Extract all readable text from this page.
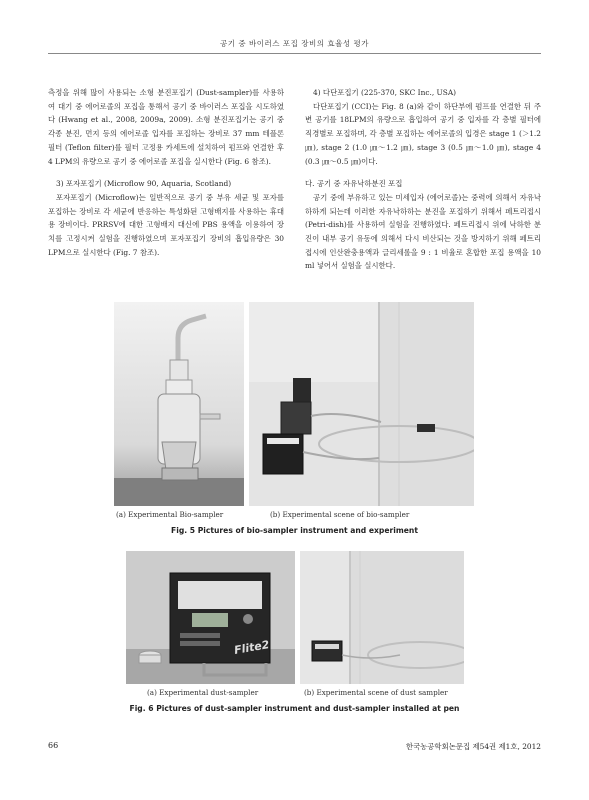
공기 중 바이러스 포집 장비의 효율성 평가

측정을 위해 많이 사용되는 소형 분진포집기 (Dust-sampler)를 사용하여 대기 중 에어로졸의 포집을 통해서 공기 중 바이러스 포집을 시도하였다 (Hwang et al., 2008, 2009a, 2009). 소형 분진포집기는 공기 중 각종 분진, 먼지 등의 에어로졸 입자를 포집하는 장비로 37 mm 테플론 필터 (Teflon filter)를 필터 고정용 카세트에 설치하여 펌프와 연결한 후 4 LPM의 유량으로 공기 중 에어로졸 포집을 실시한다 (Fig. 6 참조).

3) 포자포집기 (Microflow 90, Aquaria, Scotland)

포자포집기 (Microflow)는 일반적으로 공기 중 부유 세균 및 포자를 포집하는 장비로 각 세균에 반응하는 특성화된 고형배지를 사용하는 휴대용 장비이다. PRRSV에 대한 고형배지 대신에 PBS 용액을 이용하여 장치를 고정시켜 실험을 진행하였으며 포자포집기 장비의 흡입유량은 30 LPM으로 실시한다 (Fig. 7 참조).

4) 다단포집기 (225-370, SKC Inc., USA)

다단포집기 (CCI)는 Fig. 8 (a)와 같이 하단부에 펌프를 연결한 뒤 주변 공기를 18LPM의 유량으로 흡입하여 공기 중 입자를 각 층별 필터에 직경별로 포집하며, 각 층별 포집하는 에어로졸의 입경은 stage 1 (＞1.2 ㎛), stage 2 (1.0 ㎛～1.2 ㎛), stage 3 (0.5 ㎛～1.0 ㎛), stage 4 (0.3 ㎛～0.5 ㎛)이다.

다. 공기 중 자유낙하분진 포집

공기 중에 부유하고 있는 미세입자 (에어로졸)는 중력에 의해서 자유낙하하게 되는데 이러한 자유낙하하는 분진을 포집하기 위해서 페트리접시 (Petri-dish)를 사용하여 실험을 진행하였다. 페트리접시 위에 낙하한 분진이 내부 공기 유동에 의해서 다시 비산되는 것을 방지하기 위해 페트리접시에 인산완충용액과 글리세롤을 9 : 1 비율로 혼합한 포집 용액을 10 ml 넣어서 실험을 실시한다.

(a) Experimental Bio-sampler	(b) Experimental scene of bio-sampler
Fig. 5 Pictures of bio-sampler instrument and experiment
Flite2
(a) Experimental dust-sampler	(b) Experimental scene of dust sampler
Fig. 6 Pictures of dust-sampler instrument and dust-sampler installed at pen
66	한국농공학회논문집 제54권 제1호, 2012
